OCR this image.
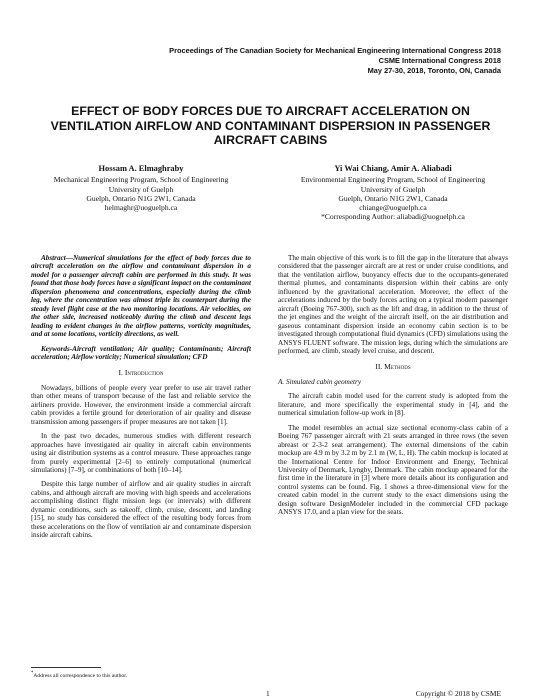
Proceedings of The Canadian Society for Mechanical Engineering International Congress 2018
CSME International Congress 2018
May 27-30, 2018, Toronto, ON, Canada
EFFECT OF BODY FORCES DUE TO AIRCRAFT ACCELERATION ON
VENTILATION AIRFLOW AND CONTAMINANT DISPERSION IN PASSENGER
AIRCRAFT CABINS
Hossam A. Elmaghraby
Mechanical Engineering Program, School of Engineering
University of Guelph
Guelph, Ontario N1G 2W1, Canada
helmaghr@uoguelph.ca
Yi Wai Chiang, Amir A. Aliabadi
Environmental Engineering Program, School of Engineering
University of Guelph
Guelph, Ontario N1G 2W1, Canada
chiange@uoguelph.ca
*Corresponding Author: aliabadi@uoguelph.ca

Abstract—Numerical simulations for the effect of body forces due to aircraft acceleration on the airflow and contaminant dispersion in a model for a passenger aircraft cabin are performed in this study. It was found that those body forces have a significant impact on the contaminant dispersion phenomena and concentrations, especially during the climb leg, where the concentration was almost triple its counterpart during the steady level flight case at the two monitoring locations. Air velocities, on the other side, increased noticeably during the climb and descent legs leading to evident changes in the airflow patterns, vorticity magnitudes, and at some locations, vorticity directions, as well.

Keywords-Aircraft ventilation; Air quality; Contaminants; Aircraft acceleration; Airflow vorticity; Numerical simulation; CFD

I. Introduction

Nowadays, billions of people every year prefer to use air travel rather than other means of transport because of the fast and reliable service the airliners provide. However, the environment inside a commercial aircraft cabin provides a fertile ground for deterioration of air quality and disease transmission among passengers if proper measures are not taken [1].

In the past two decades, numerous studies with different research approaches have investigated air quality in aircraft cabin environments using air distribution systems as a control measure. These approaches range from purely experimental [2–6] to entirely computational (numerical simulations) [7–9], or combinations of both [10–14].

Despite this large number of airflow and air quality studies in aircraft cabins, and although aircraft are moving with high speeds and accelerations accomplishing distinct flight mission legs (or intervals) with different dynamic conditions, such as takeoff, climb, cruise, descent, and landing [15], no study has considered the effect of the resulting body forces from these accelerations on the flow of ventilation air and contaminate dispersion inside aircraft cabins.

The main objective of this work is to fill the gap in the literature that always considered that the passenger aircraft are at rest or under cruise conditions, and that the ventilation airflow, buoyancy effects due to the occupants-generated thermal plumes, and contaminants dispersion within their cabins are only influenced by the gravitational acceleration. Moreover, the effect of the accelerations induced by the body forces acting on a typical modern passenger aircraft (Boeing 767-300), such as the lift and drag, in addition to the thrust of the jet engines and the weight of the aircraft itself, on the air distribution and gaseous contaminant dispersion inside an economy cabin section is to be investigated through computational fluid dynamics (CFD) simulations using the ANSYS FLUENT software. The mission legs, during which the simulations are performed, are climb, steady level cruise, and descent.

II. Methods
A. Simulated cabin geometry

The aircraft cabin model used for the current study is adopted from the literature, and more specifically the experimental study in [4], and the numerical simulation follow-up work in [8].

The model resembles an actual size sectional economy-class cabin of a Boeing 767 passenger aircraft with 21 seats arranged in three rows (the seven abreast or 2-3-2 seat arrangement). The external dimensions of the cabin mockup are 4.9 m by 3.2 m by 2.1 m (W, L, H). The cabin mockup is located at the International Centre for Indoor Environment and Energy, Technical University of Denmark, Lyngby, Denmark. The cabin mockup appeared for the first time in the literature in [3] where more details about its configuration and control systems can be found. Fig. 1 shows a three-dimensional view for the created cabin model in the current study to the exact dimensions using the design software DesignModeler included in the commercial CFD package ANSYS 17.0, and a plan view for the seats.

*Address all correspondence to this author.
1	Copyright © 2018 by CSME
